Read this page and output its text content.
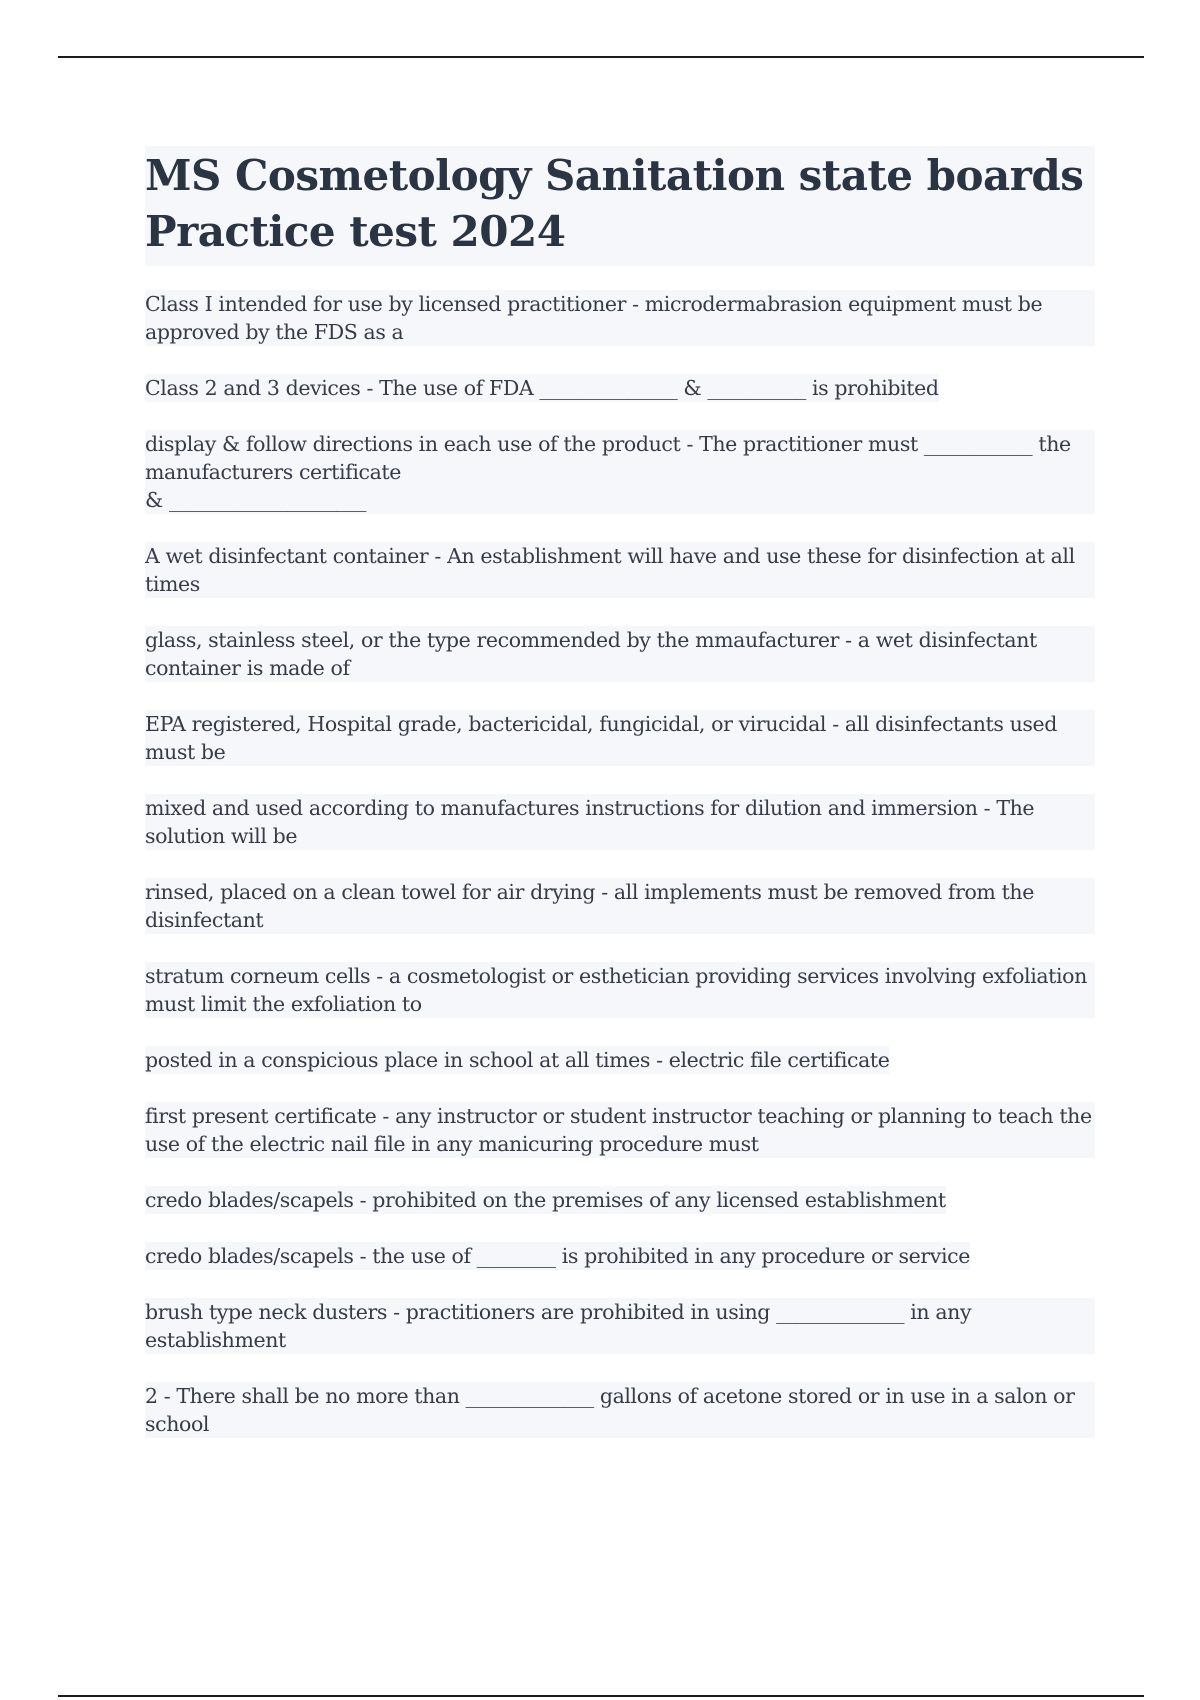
MS Cosmetology Sanitation state boards
Practice test 2024
Class I intended for use by licensed practitioner - microdermabrasion equipment must be approved by the FDS as a
Class 2 and 3 devices - The use of FDA ______________ & __________ is prohibited
display & follow directions in each use of the product - The practitioner must ___________ the manufacturers certificate
& ____________________
A wet disinfectant container - An establishment will have and use these for disinfection at all times
glass, stainless steel, or the type recommended by the mmaufacturer - a wet disinfectant container is made of
EPA registered, Hospital grade, bactericidal, fungicidal, or virucidal - all disinfectants used must be
mixed and used according to manufactures instructions for dilution and immersion - The solution will be
rinsed, placed on a clean towel for air drying - all implements must be removed from the disinfectant
stratum corneum cells - a cosmetologist or esthetician providing services involving exfoliation must limit the exfoliation to
posted in a conspicious place in school at all times - electric file certificate
first present certificate - any instructor or student instructor teaching or planning to teach the use of the electric nail file in any manicuring procedure must
credo blades/scapels - prohibited on the premises of any licensed establishment
credo blades/scapels - the use of ________ is prohibited in any procedure or service
brush type neck dusters - practitioners are prohibited in using _____________ in any establishment
2 - There shall be no more than _____________ gallons of acetone stored or in use in a salon or school
